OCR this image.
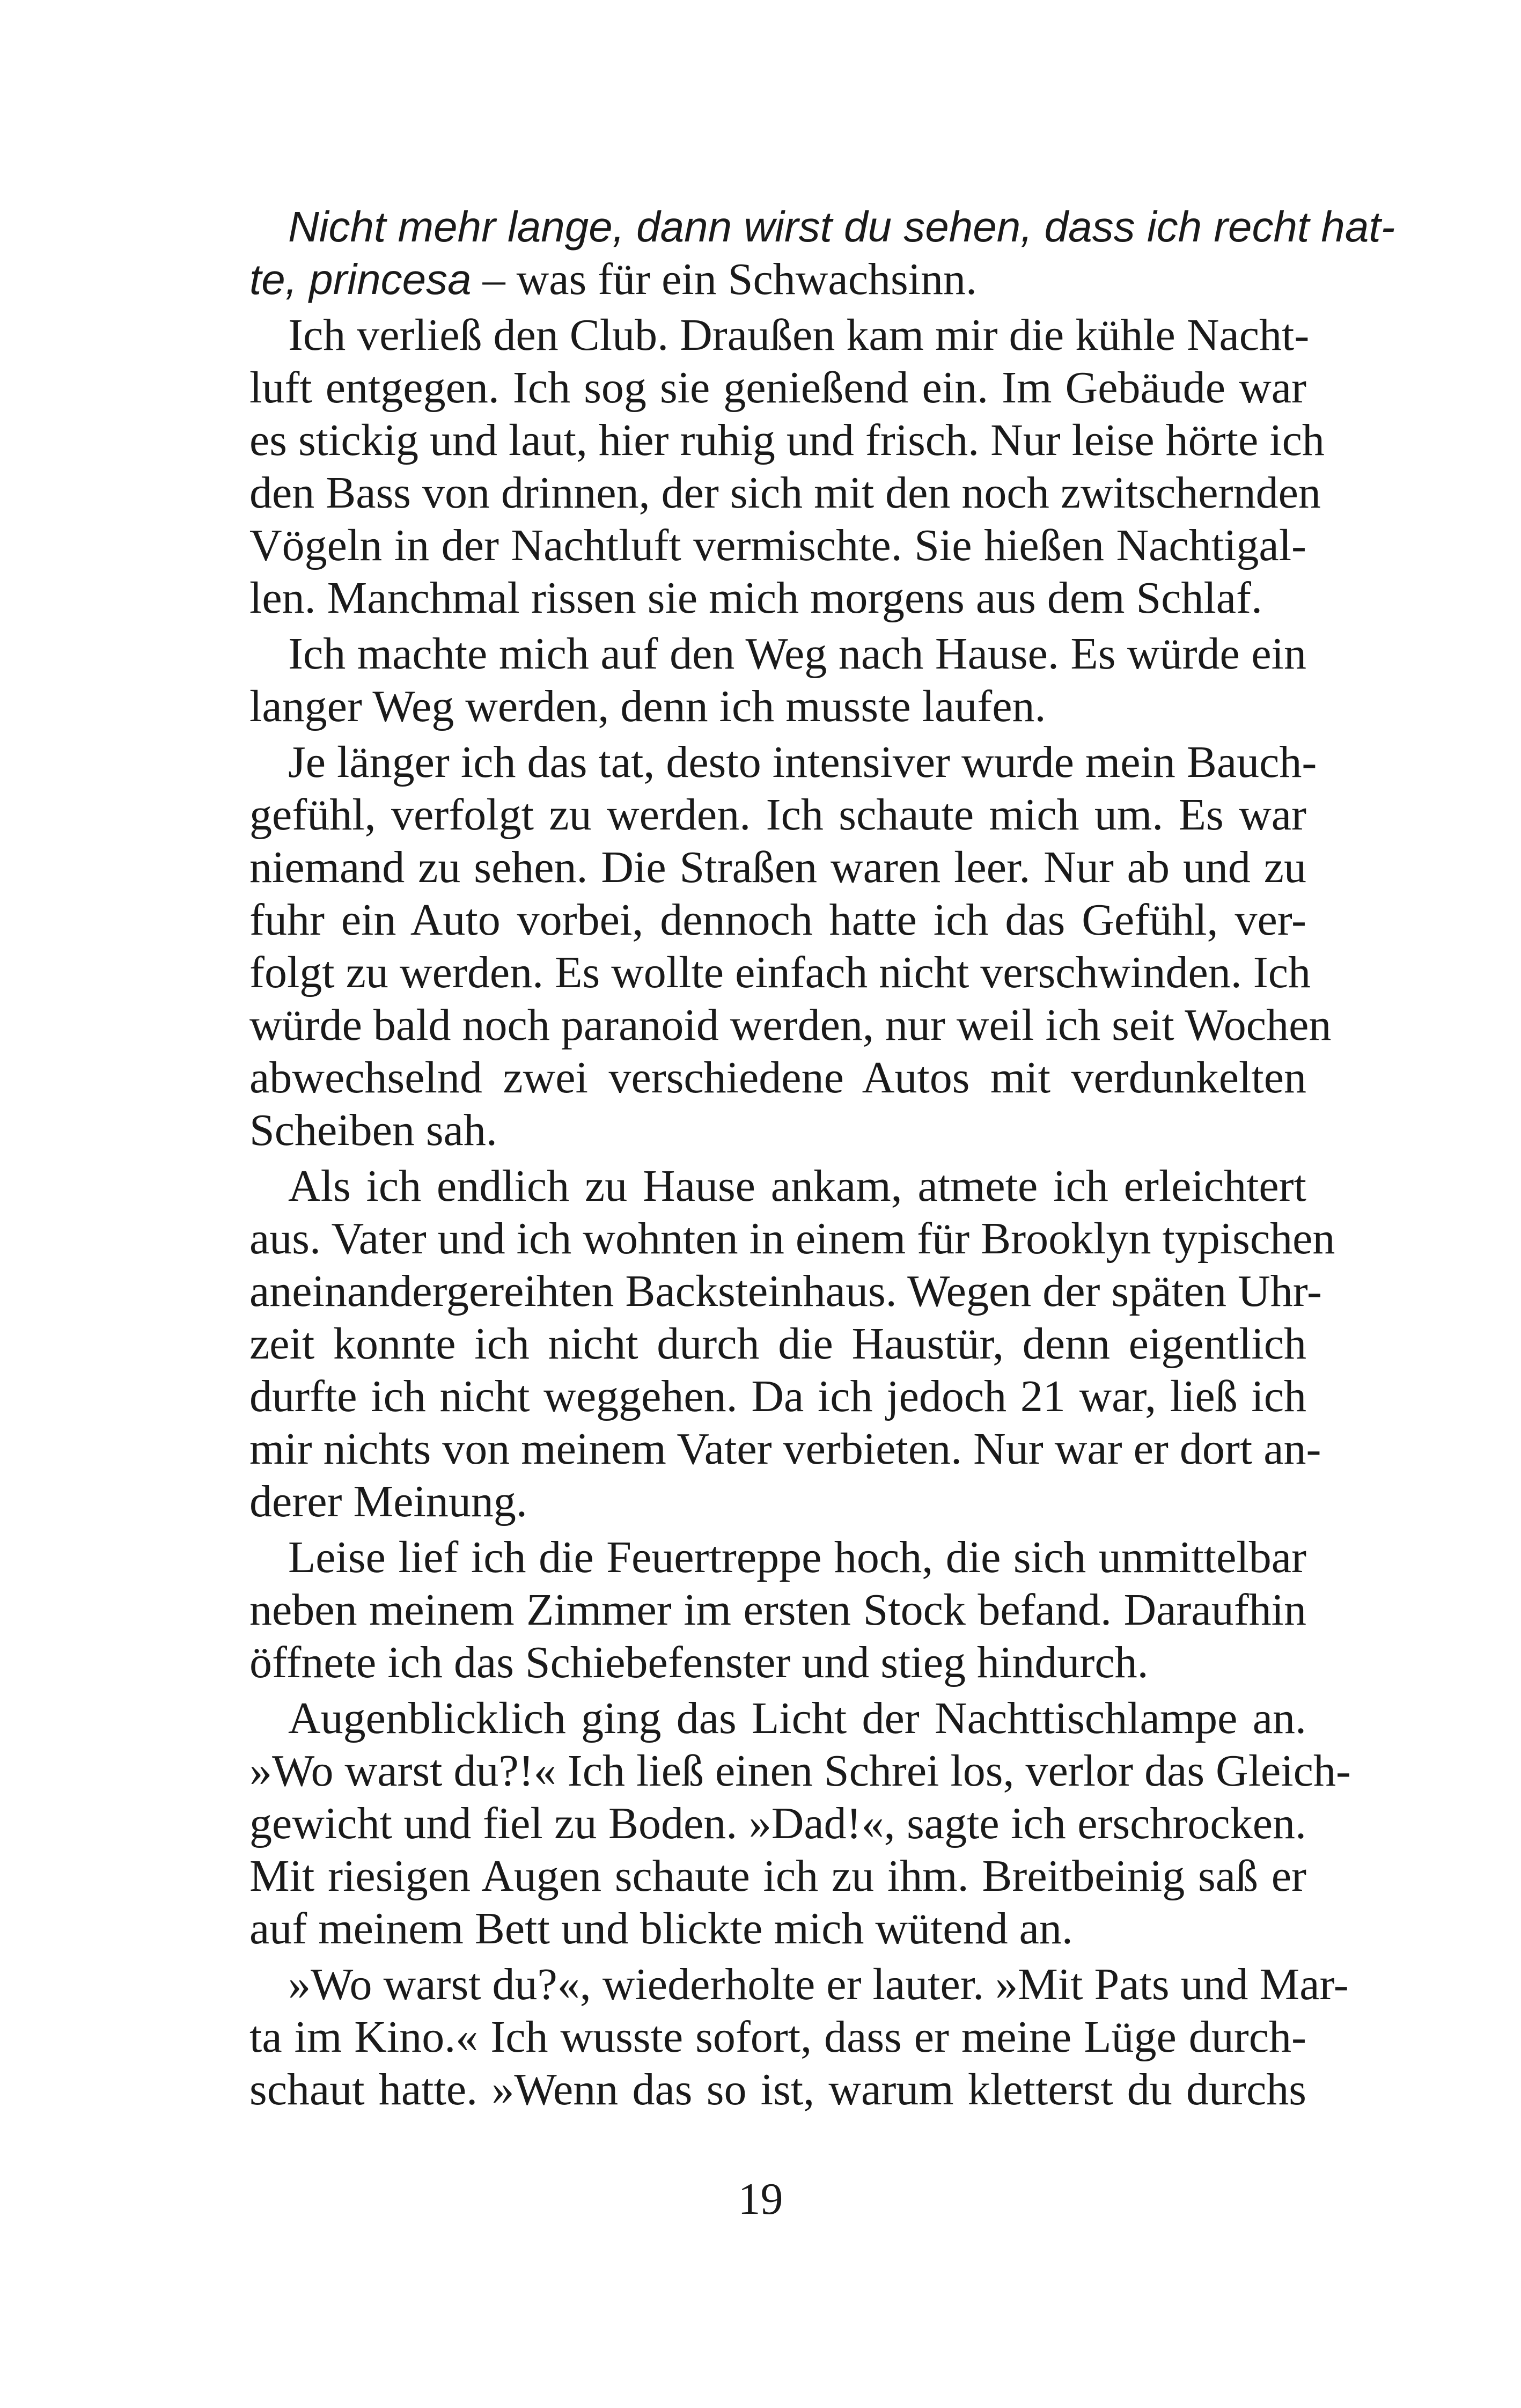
Nicht mehr lange, dann wirst du sehen, dass ich recht hat-
te, princesa – was für ein Schwachsinn.
Ich verließ den Club. Draußen kam mir die kühle Nacht-
luft entgegen. Ich sog sie genießend ein. Im Gebäude war
es stickig und laut, hier ruhig und frisch. Nur leise hörte ich
den Bass von drinnen, der sich mit den noch zwitschernden
Vögeln in der Nachtluft vermischte. Sie hießen Nachtigal-
len. Manchmal rissen sie mich morgens aus dem Schlaf.
Ich machte mich auf den Weg nach Hause. Es würde ein
langer Weg werden, denn ich musste laufen.
Je länger ich das tat, desto intensiver wurde mein Bauch-
gefühl, verfolgt zu werden. Ich schaute mich um. Es war
niemand zu sehen. Die Straßen waren leer. Nur ab und zu
fuhr ein Auto vorbei, dennoch hatte ich das Gefühl, ver-
folgt zu werden. Es wollte einfach nicht verschwinden. Ich
würde bald noch paranoid werden, nur weil ich seit Wochen
abwechselnd zwei verschiedene Autos mit verdunkelten
Scheiben sah.
Als ich endlich zu Hause ankam, atmete ich erleichtert
aus. Vater und ich wohnten in einem für Brooklyn typischen
aneinandergereihten Backsteinhaus. Wegen der späten Uhr-
zeit konnte ich nicht durch die Haustür, denn eigentlich
durfte ich nicht weggehen. Da ich jedoch 21 war, ließ ich
mir nichts von meinem Vater verbieten. Nur war er dort an-
derer Meinung.
Leise lief ich die Feuertreppe hoch, die sich unmittelbar
neben meinem Zimmer im ersten Stock befand. Daraufhin
öffnete ich das Schiebefenster und stieg hindurch.
Augenblicklich ging das Licht der Nachttischlampe an.
»Wo warst du?!« Ich ließ einen Schrei los, verlor das Gleich-
gewicht und fiel zu Boden. »Dad!«, sagte ich erschrocken.
Mit riesigen Augen schaute ich zu ihm. Breitbeinig saß er
auf meinem Bett und blickte mich wütend an.
»Wo warst du?«, wiederholte er lauter. »Mit Pats und Mar-
ta im Kino.« Ich wusste sofort, dass er meine Lüge durch-
schaut hatte. »Wenn das so ist, warum kletterst du durchs
19
